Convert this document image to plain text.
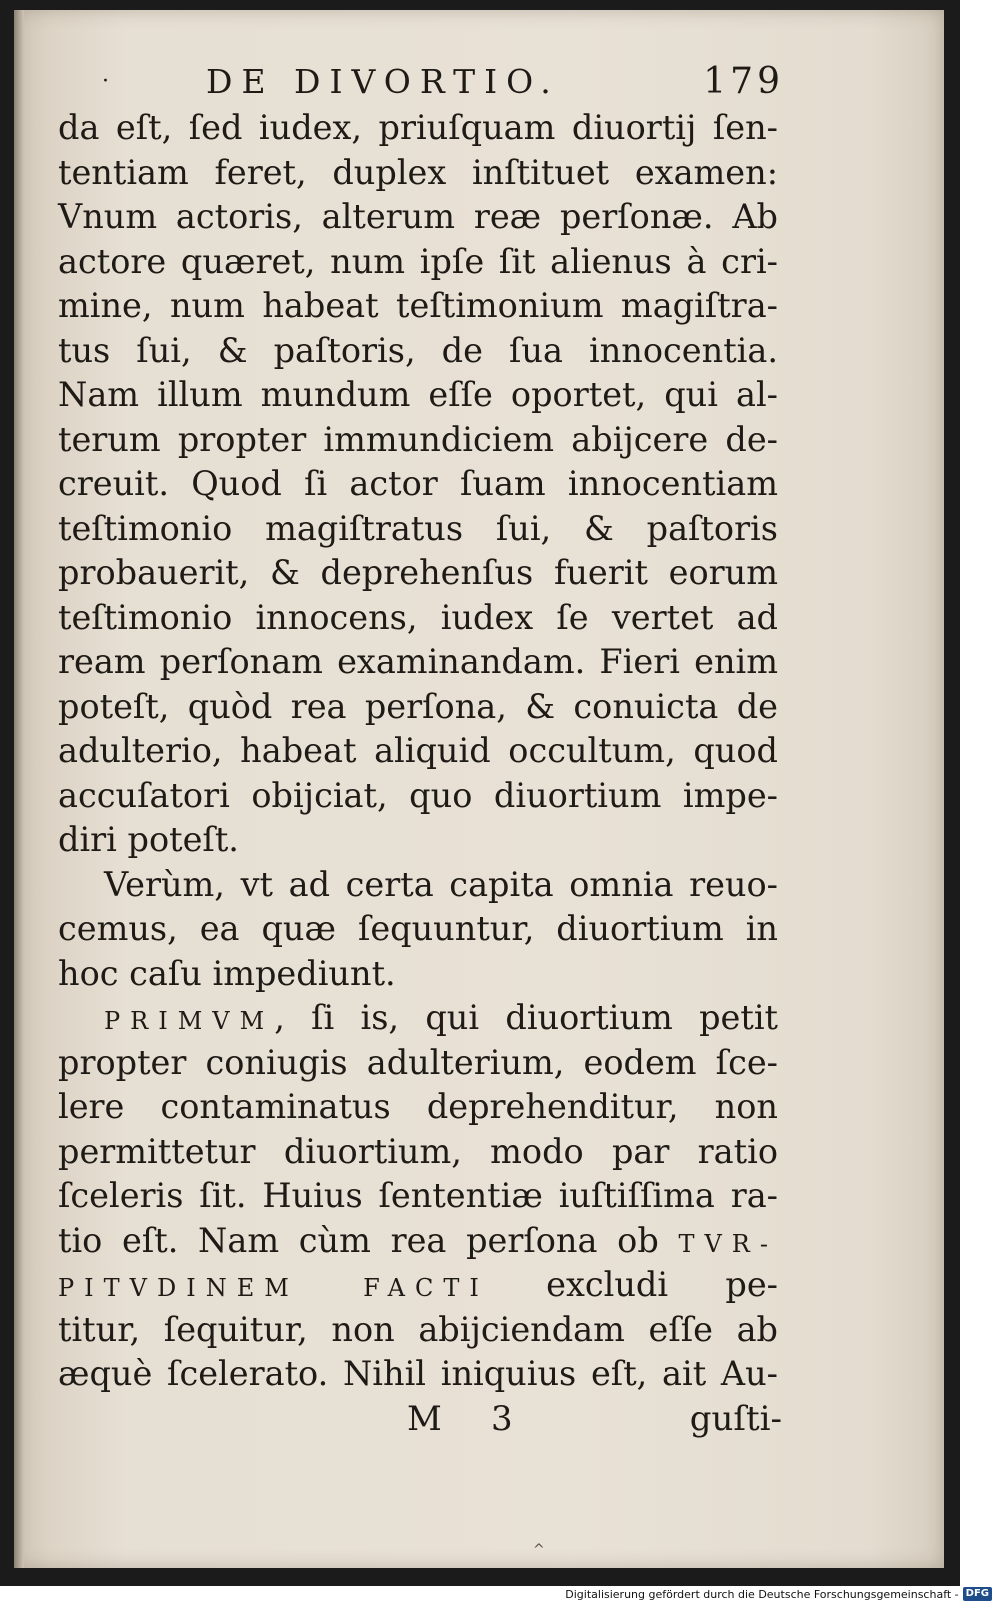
·	DE DIVORTIO.	179
da eſt, ſed iudex, priuſquam diuortij ſen-
tentiam feret, duplex inſtituet examen:
Vnum actoris, alterum reæ perſonæ. Ab
actore quæret, num ipſe ſit alienus à cri-
mine, num habeat teſtimonium magiſtra-
tus ſui, & paſtoris, de ſua innocentia.
Nam illum mundum eſſe oportet, qui al-
terum propter immundiciem abijcere de-
creuit. Quod ſi actor ſuam innocentiam
teſtimonio magiſtratus ſui, & paſtoris
probauerit, & deprehenſus fuerit eorum
teſtimonio innocens, iudex ſe vertet ad
ream perſonam examinandam. Fieri enim
poteſt, quòd rea perſona, & conuicta de
adulterio, habeat aliquid occultum, quod
accuſatori obijciat, quo diuortium impe-
diri poteſt.
Verùm, vt ad certa capita omnia reuo-
cemus, ea quæ ſequuntur, diuortium in
hoc caſu impediunt.
PRIMVM, ſi is, qui diuortium petit
propter coniugis adulterium, eodem ſce-
lere contaminatus deprehenditur, non
permittetur diuortium, modo par ratio
ſceleris ſit. Huius ſententiæ iuſtiſſima ra-
tio eſt. Nam cùm rea perſona ob TVR-
PITVDINEM FACTI excludi pe-
titur, ſequitur, non abijciendam eſſe ab
æquè ſcelerato. Nihil iniquius eſt, ait Au-
M 3	guſti-
^
Digitalisierung gefördert durch die Deutsche Forschungsgemeinschaft - DFG
